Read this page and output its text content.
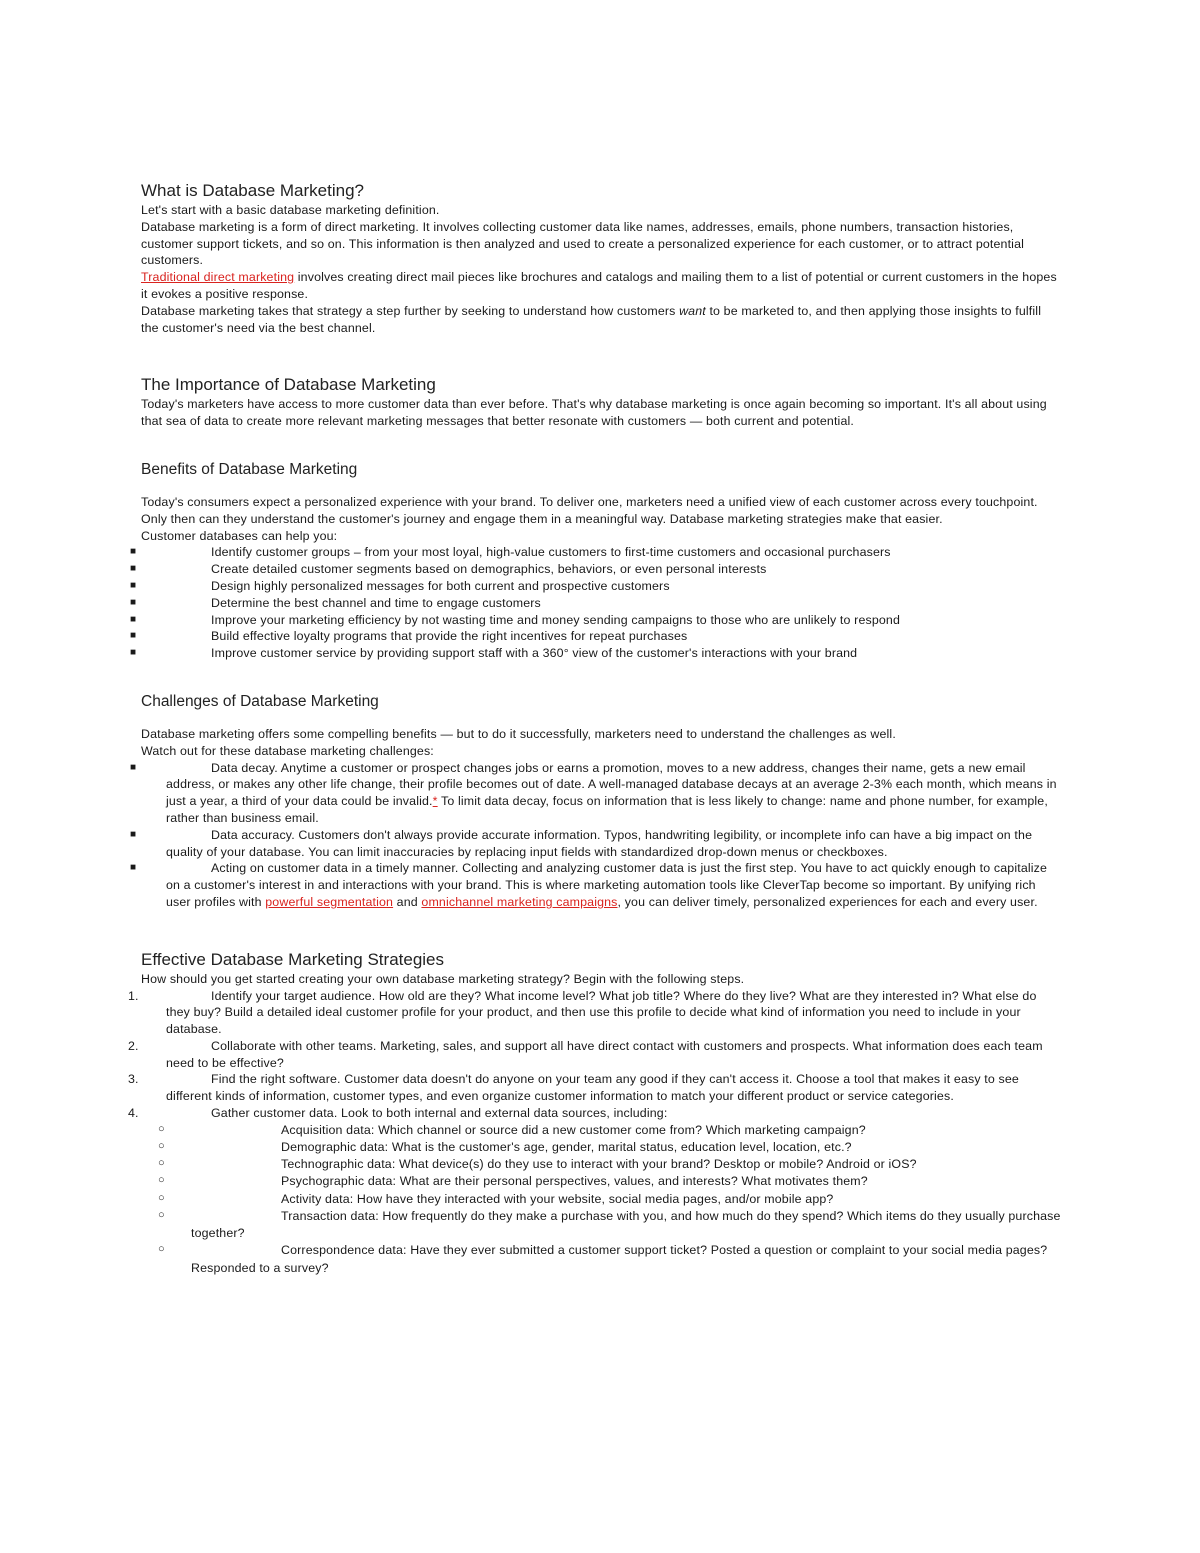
What is Database Marketing?

Let's start with a basic database marketing definition.

Database marketing is a form of direct marketing. It involves collecting customer data like names, addresses, emails, phone numbers, transaction histories, customer support tickets, and so on. This information is then analyzed and used to create a personalized experience for each customer, or to attract potential customers.

Traditional direct marketing involves creating direct mail pieces like brochures and catalogs and mailing them to a list of potential or current customers in the hopes it evokes a positive response.

Database marketing takes that strategy a step further by seeking to understand how customers want to be marketed to, and then applying those insights to fulfill the customer's need via the best channel.

The Importance of Database Marketing

Today's marketers have access to more customer data than ever before. That's why database marketing is once again becoming so important. It's all about using that sea of data to create more relevant marketing messages that better resonate with customers — both current and potential.

Benefits of Database Marketing

Today's consumers expect a personalized experience with your brand. To deliver one, marketers need a unified view of each customer across every touchpoint. Only then can they understand the customer's journey and engage them in a meaningful way. Database marketing strategies make that easier.

Customer databases can help you:

■	Identify customer groups – from your most loyal, high-value customers to first-time customers and occasional purchasers
■	Create detailed customer segments based on demographics, behaviors, or even personal interests
■	Design highly personalized messages for both current and prospective customers
■	Determine the best channel and time to engage customers
■	Improve your marketing efficiency by not wasting time and money sending campaigns to those who are unlikely to respond
■	Build effective loyalty programs that provide the right incentives for repeat purchases
■	Improve customer service by providing support staff with a 360° view of the customer's interactions with your brand
Challenges of Database Marketing

Database marketing offers some compelling benefits — but to do it successfully, marketers need to understand the challenges as well.

Watch out for these database marketing challenges:

■	Data decay. Anytime a customer or prospect changes jobs or earns a promotion, moves to a new address, changes their name, gets a new email address, or makes any other life change, their profile becomes out of date. A well-managed database decays at an average 2-3% each month, which means in just a year, a third of your data could be invalid.* To limit data decay, focus on information that is less likely to change: name and phone number, for example, rather than business email.
■	Data accuracy. Customers don't always provide accurate information. Typos, handwriting legibility, or incomplete info can have a big impact on the quality of your database. You can limit inaccuracies by replacing input fields with standardized drop-down menus or checkboxes.
■	Acting on customer data in a timely manner. Collecting and analyzing customer data is just the first step. You have to act quickly enough to capitalize on a customer's interest in and interactions with your brand. This is where marketing automation tools like CleverTap become so important. By unifying rich user profiles with powerful segmentation and omnichannel marketing campaigns, you can deliver timely, personalized experiences for each and every user.
Effective Database Marketing Strategies

How should you get started creating your own database marketing strategy? Begin with the following steps.

1.	Identify your target audience. How old are they? What income level? What job title? Where do they live? What are they interested in? What else do they buy? Build a detailed ideal customer profile for your product, and then use this profile to decide what kind of information you need to include in your database.
2.	Collaborate with other teams. Marketing, sales, and support all have direct contact with customers and prospects. What information does each team need to be effective?
3.	Find the right software. Customer data doesn't do anyone on your team any good if they can't access it. Choose a tool that makes it easy to see different kinds of information, customer types, and even organize customer information to match your different product or service categories.
4.	Gather customer data. Look to both internal and external data sources, including:
○	Acquisition data: Which channel or source did a new customer come from? Which marketing campaign?
○	Demographic data: What is the customer's age, gender, marital status, education level, location, etc.?
○	Technographic data: What device(s) do they use to interact with your brand? Desktop or mobile? Android or iOS?
○	Psychographic data: What are their personal perspectives, values, and interests? What motivates them?
○	Activity data: How have they interacted with your website, social media pages, and/or mobile app?
○	Transaction data: How frequently do they make a purchase with you, and how much do they spend? Which items do they usually purchase together?
○	Correspondence data: Have they ever submitted a customer support ticket? Posted a question or complaint to your social media pages? Responded to a survey?
